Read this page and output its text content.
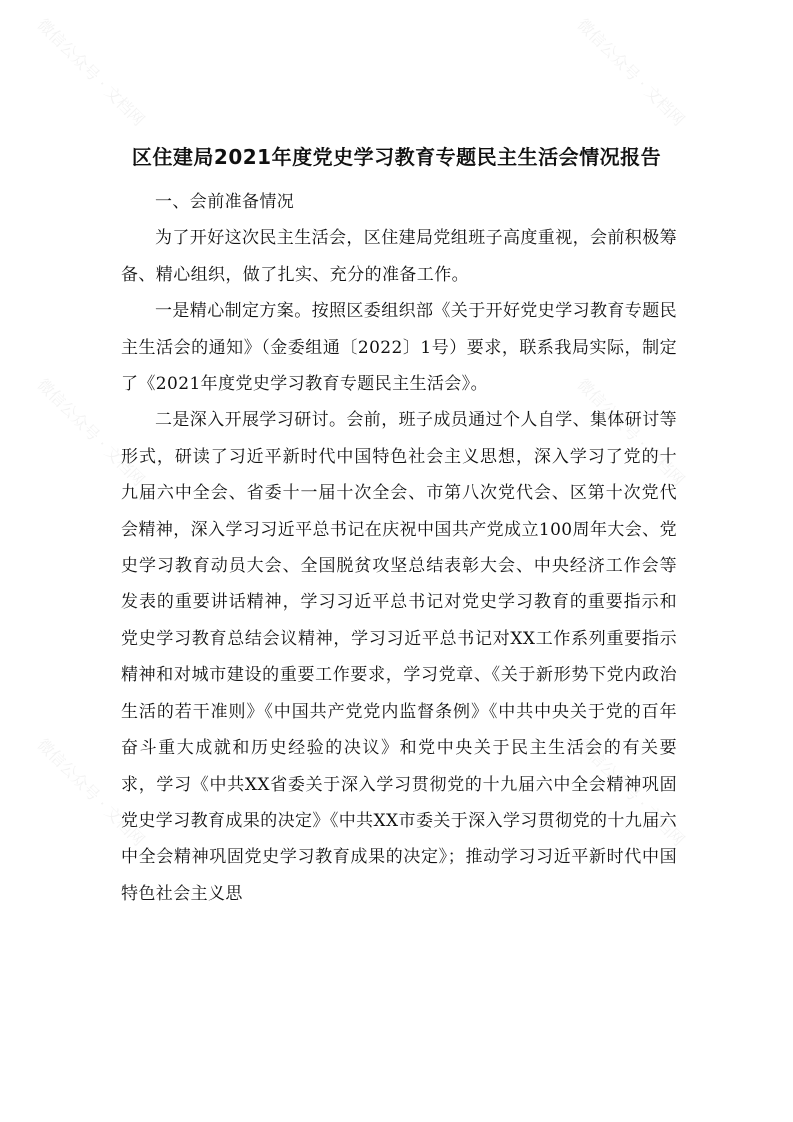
微信公众号 · 文档网	微信公众号 · 文档网
微信公众号 · 文档网	微信公众号 · 文档网
微信公众号 · 文档网	微信公众号 · 文档网
区住建局2021年度党史学习教育专题民主生活会情况报告

一、会前准备情况

为了开好这次民主生活会，区住建局党组班子高度重视，会前积极筹备、精心组织，做了扎实、充分的准备工作。

一是精心制定方案。按照区委组织部《关于开好党史学习教育专题民主生活会的通知》（金委组通〔2022〕1号）要求，联系我局实际，制定了《2021年度党史学习教育专题民主生活会》。

二是深入开展学习研讨。会前，班子成员通过个人自学、集体研讨等形式，研读了习近平新时代中国特色社会主义思想，深入学习了党的十九届六中全会、省委十一届十次全会、市第八次党代会、区第十次党代会精神，深入学习习近平总书记在庆祝中国共产党成立100周年大会、党史学习教育动员大会、全国脱贫攻坚总结表彰大会、中央经济工作会等发表的重要讲话精神，学习习近平总书记对党史学习教育的重要指示和党史学习教育总结会议精神，学习习近平总书记对XX工作系列重要指示精神和对城市建设的重要工作要求，学习党章、《关于新形势下党内政治生活的若干准则》《中国共产党党内监督条例》《中共中央关于党的百年奋斗重大成就和历史经验的决议》和党中央关于民主生活会的有关要求，学习《中共XX省委关于深入学习贯彻党的十九届六中全会精神巩固党史学习教育成果的决定》《中共XX市委关于深入学习贯彻党的十九届六中全会精神巩固党史学习教育成果的决定》；推动学习习近平新时代中国特色社会主义思
